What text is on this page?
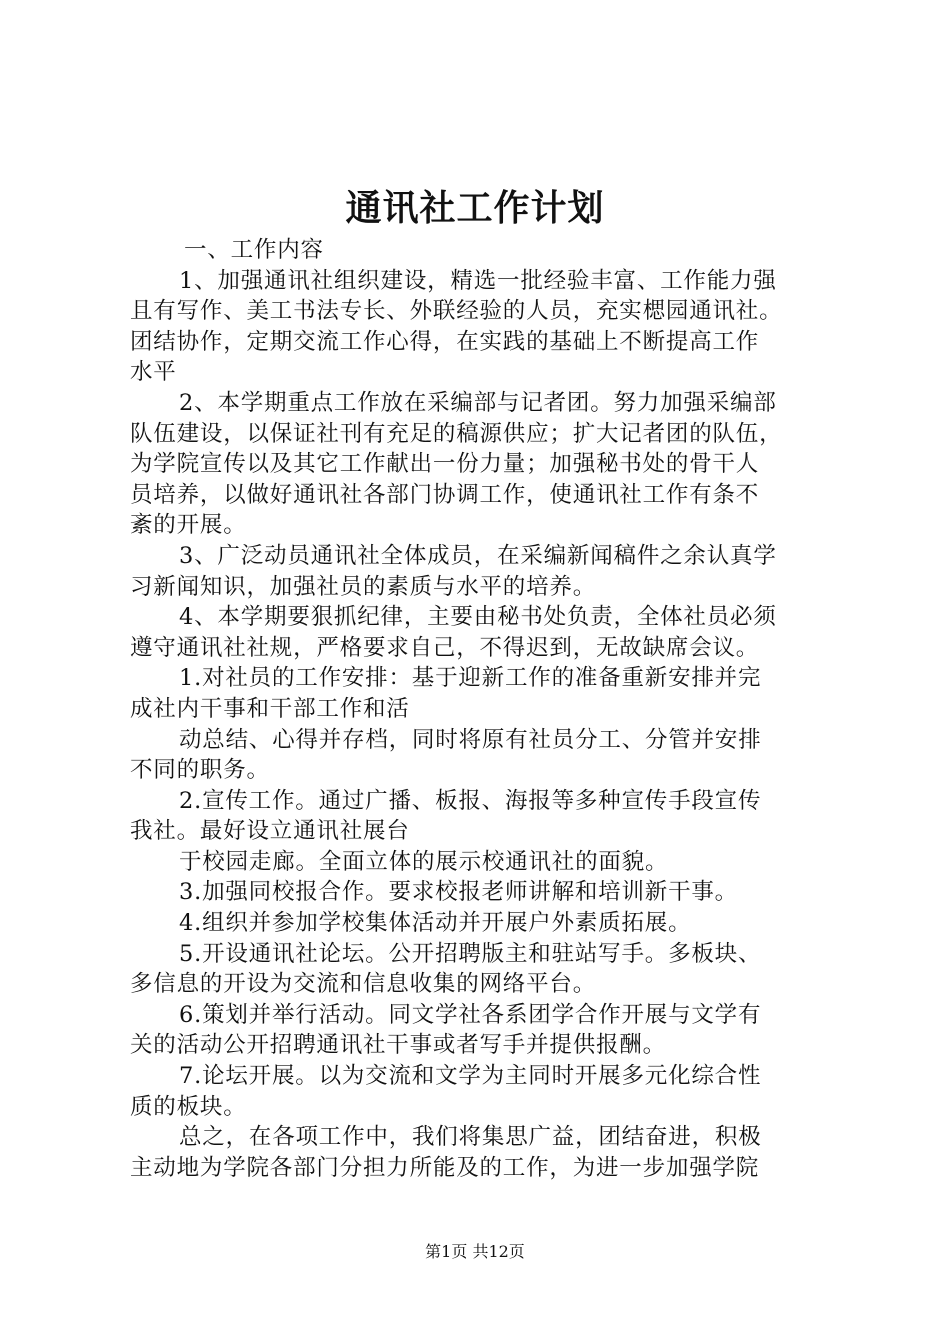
通讯社工作计划
一、工作内容
1、加强通讯社组织建设，精选一批经验丰富、工作能力强
且有写作、美工书法专长、外联经验的人员，充实楒园通讯社。
团结协作，定期交流工作心得，在实践的基础上不断提高工作
水平
2、本学期重点工作放在采编部与记者团。努力加强采编部
队伍建设，以保证社刊有充足的稿源供应；扩大记者团的队伍，
为学院宣传以及其它工作献出一份力量；加强秘书处的骨干人
员培养，以做好通讯社各部门协调工作，使通讯社工作有条不
紊的开展。
3、广泛动员通讯社全体成员，在采编新闻稿件之余认真学
习新闻知识，加强社员的素质与水平的培养。
4、本学期要狠抓纪律，主要由秘书处负责，全体社员必须
遵守通讯社社规，严格要求自己，不得迟到，无故缺席会议。
1.对社员的工作安排：基于迎新工作的准备重新安排并完
成社内干事和干部工作和活
动总结、心得并存档，同时将原有社员分工、分管并安排
不同的职务。
2.宣传工作。通过广播、板报、海报等多种宣传手段宣传
我社。最好设立通讯社展台
于校园走廊。全面立体的展示校通讯社的面貌。
3.加强同校报合作。要求校报老师讲解和培训新干事。
4.组织并参加学校集体活动并开展户外素质拓展。
5.开设通讯社论坛。公开招聘版主和驻站写手。多板块、
多信息的开设为交流和信息收集的网络平台。
6.策划并举行活动。同文学社各系团学合作开展与文学有
关的活动公开招聘通讯社干事或者写手并提供报酬。
7.论坛开展。以为交流和文学为主同时开展多元化综合性
质的板块。
总之，在各项工作中，我们将集思广益，团结奋进，积极
主动地为学院各部门分担力所能及的工作，为进一步加强学院
第1页 共12页
